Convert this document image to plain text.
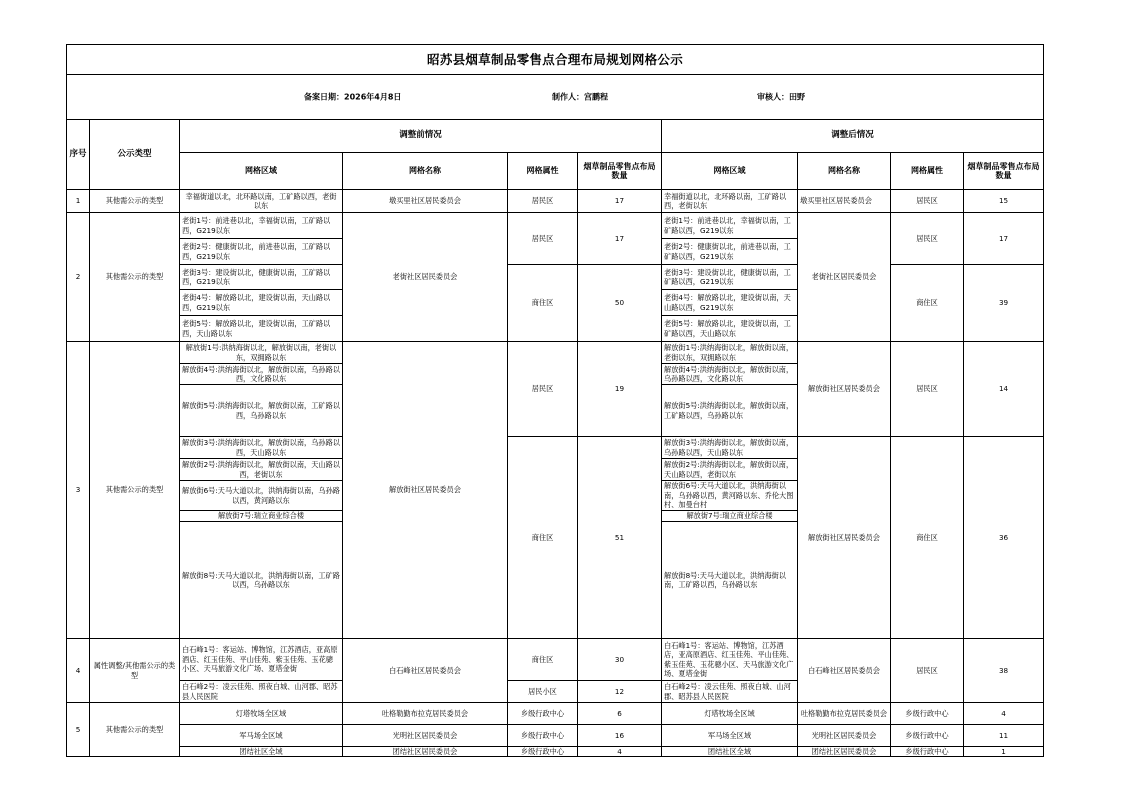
昭苏县烟草制品零售点合理布局规划网格公示									

备案日期：2026年4月8日 制作人：宫鹏程 审核人：田野									

序号	公示类型	调整前情况				调整后情况			
		网格区域	网格名称	网格属性	烟草制品零售点布局数量	网格区域	网格名称	网格属性	烟草制品零售点布局数量
1	其他需公示的类型	幸福街道以北，北环路以南，工矿路以西，老街以东	墩买里社区居民委员会	居民区	17	幸福街道以北，北环路以南，工矿路以西，老街以东	墩买里社区居民委员会	居民区	15
2	其他需公示的类型	老街1号：前进巷以北，幸福街以南，工矿路以西，G219以东	老街社区居民委员会	居民区	17	老街1号：前进巷以北，幸福街以南，工矿路以西，G219以东	老街社区居民委员会	居民区	17
		老街2号：健康街以北，前进巷以南，工矿路以西，G219以东				老街2号：健康街以北，前进巷以南，工矿路以西，G219以东			
		老街3号：建设街以北，健康街以南，工矿路以西，G219以东		商住区	50	老街3号：建设街以北，健康街以南，工矿路以西，G219以东		商住区	39
		老街4号：解放路以北，建设街以南，天山路以西，G219以东				老街4号：解放路以北，建设街以南，天山路以西，G219以东			
		老街5号：解放路以北，建设街以南，工矿路以西，天山路以东				老街5号：解放路以北，建设街以南，工矿路以西，天山路以东			
3	其他需公示的类型	解放街1号:洪纳海街以北，解放街以南，老街以东，双拥路以东	解放街社区居民委员会	居民区	19	解放街1号:洪纳海街以北，解放街以南，老街以东，双拥路以东	解放街社区居民委员会	居民区	14
		解放街4号:洪纳海街以北，解放街以南，乌孙路以西，文化路以东				解放街4号:洪纳海街以北，解放街以南，乌孙路以西，文化路以东			
		解放街5号:洪纳海街以北，解放街以南，工矿路以西，乌孙路以东				解放街5号:洪纳海街以北，解放街以南，工矿路以西，乌孙路以东			
		解放街3号:洪纳海街以北，解放街以南，乌孙路以西，天山路以东		商住区	51	解放街3号:洪纳海街以北，解放街以南，乌孙路以西，天山路以东	解放街社区居民委员会	商住区	36
		解放街2号:洪纳海街以北，解放街以南，天山路以西，老街以东				解放街2号:洪纳海街以北，解放街以南，天山路以西，老街以东			
		解放街6号:天马大道以北，洪纳海街以南，乌孙路以西，黄河路以东				解放街6号:天马大道以北，洪纳海街以南，乌孙路以西，黄河路以东、乔伦大图村、加曼台村			
		解放街7号:瑞立商业综合楼				解放街7号:瑞立商业综合楼			
		解放街8号:天马大道以北，洪纳海街以南，工矿路以西，乌孙路以东				解放街8号:天马大道以北，洪纳海街以南，工矿路以西，乌孙路以东			
4	属性调整/其他需公示的类型	白石峰1号：客运站、博物馆，江苏酒店，亚高原酒店、红玉佳苑、平山佳苑、紫玉佳苑、玉花骢小区、天马旅游文化广场、夏塔金街	白石峰社区居民委员会	商住区	30	白石峰1号：客运站、博物馆，江苏酒店，亚高原酒店、红玉佳苑、平山佳苑、紫玉佳苑、玉花骢小区、天马旅游文化广场、夏塔金街	白石峰社区居民委员会	居民区	38
		白石峰2号：凌云佳苑、照夜白城、山河郡、昭苏县人民医院		居民小区	12	白石峰2号：凌云佳苑、照夜白城、山河郡、昭苏县人民医院			
5	其他需公示的类型	灯塔牧场全区域	吐格勒勤布拉克居民委员会	乡级行政中心	6	灯塔牧场全区域	吐格勒勤布拉克居民委员会	乡级行政中心	4
		军马场全区域	光明社区居民委员会	乡级行政中心	16	军马场全区域	光明社区居民委员会	乡级行政中心	11
		团结社区全域	团结社区居民委员会	乡级行政中心	4	团结社区全域	团结社区居民委员会	乡级行政中心	1
